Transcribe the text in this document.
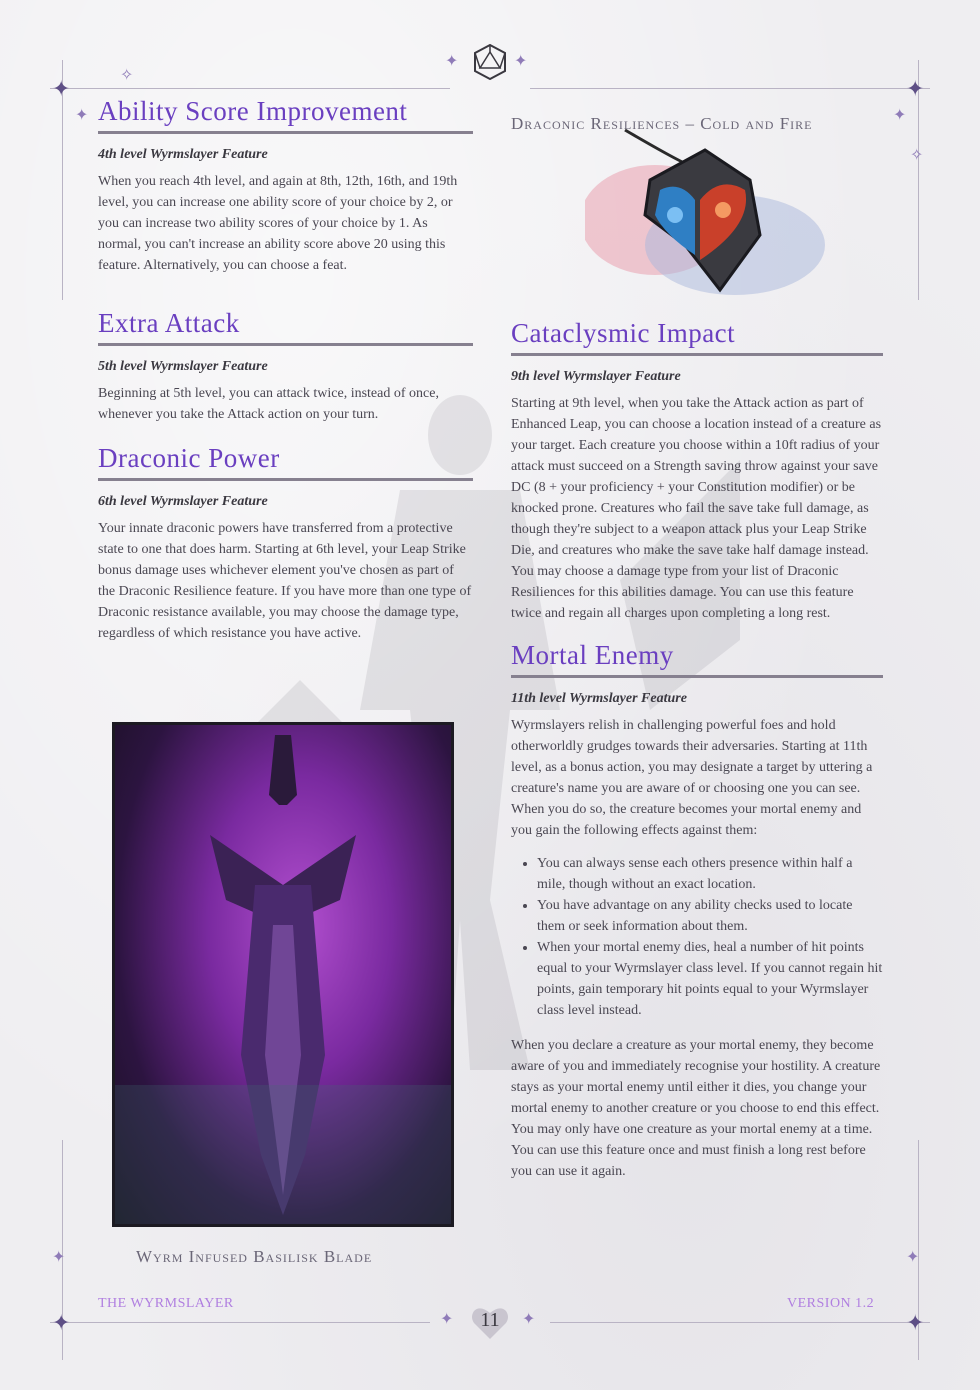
✦
✦
✧
✦
✦
✧
✦
✦
✦
✦
✦	✦
✦	✦
Ability Score Improvement
4th level Wyrmslayer Feature

When you reach 4th level, and again at 8th, 12th, 16th, and 19th level, you can increase one ability score of your choice by 2, or you can increase two ability scores of your choice by 1. As normal, you can't increase an ability score above 20 using this feature. Alternatively, you can choose a feat.

Extra Attack
5th level Wyrmslayer Feature

Beginning at 5th level, you can attack twice, instead of once, whenever you take the Attack action on your turn.

Draconic Power
6th level Wyrmslayer Feature

Your innate draconic powers have transferred from a protective state to one that does harm. Starting at 6th level, your Leap Strike bonus damage uses whichever element you've chosen as part of the Draconic Resilience feature. If you have more than one type of Draconic resistance available, you may choose the damage type, regardless of which resistance you have active.

Draconic Resiliences – Cold and Fire
Cataclysmic Impact
9th level Wyrmslayer Feature

Starting at 9th level, when you take the Attack action as part of Enhanced Leap, you can choose a location instead of a creature as your target. Each creature you choose within a 10ft radius of your attack must succeed on a Strength saving throw against your save DC (8 + your proficiency + your Constitution modifier) or be knocked prone. Creatures who fail the save take full damage, as though they're subject to a weapon attack plus your Leap Strike Die, and creatures who make the save take half damage instead. You may choose a damage type from your list of Draconic Resiliences for this abilities damage. You can use this feature twice and regain all charges upon completing a long rest.

Mortal Enemy
11th level Wyrmslayer Feature

Wyrmslayers relish in challenging powerful foes and hold otherworldly grudges towards their adversaries. Starting at 11th level, as a bonus action, you may designate a target by uttering a creature's name you are aware of or choosing one you can see. When you do so, the creature becomes your mortal enemy and you gain the following effects against them:

• You can always sense each others presence within half a mile, though without an exact location.
• You have advantage on any ability checks used to locate them or seek information about them.
• When your mortal enemy dies, heal a number of hit points equal to your Wyrmslayer class level. If you cannot regain hit points, gain temporary hit points equal to your Wyrmslayer class level instead.

When you declare a creature as your mortal enemy, they become aware of you and immediately recognise your hostility. A creature stays as your mortal enemy until either it dies, you change your mortal enemy to another creature or you choose to end this effect. You may only have one creature as your mortal enemy at a time. You can use this feature once and must finish a long rest before you can use it again.

Wyrm Infused Basilisk Blade
THE WYRMSLAYER	VERSION 1.2
11
